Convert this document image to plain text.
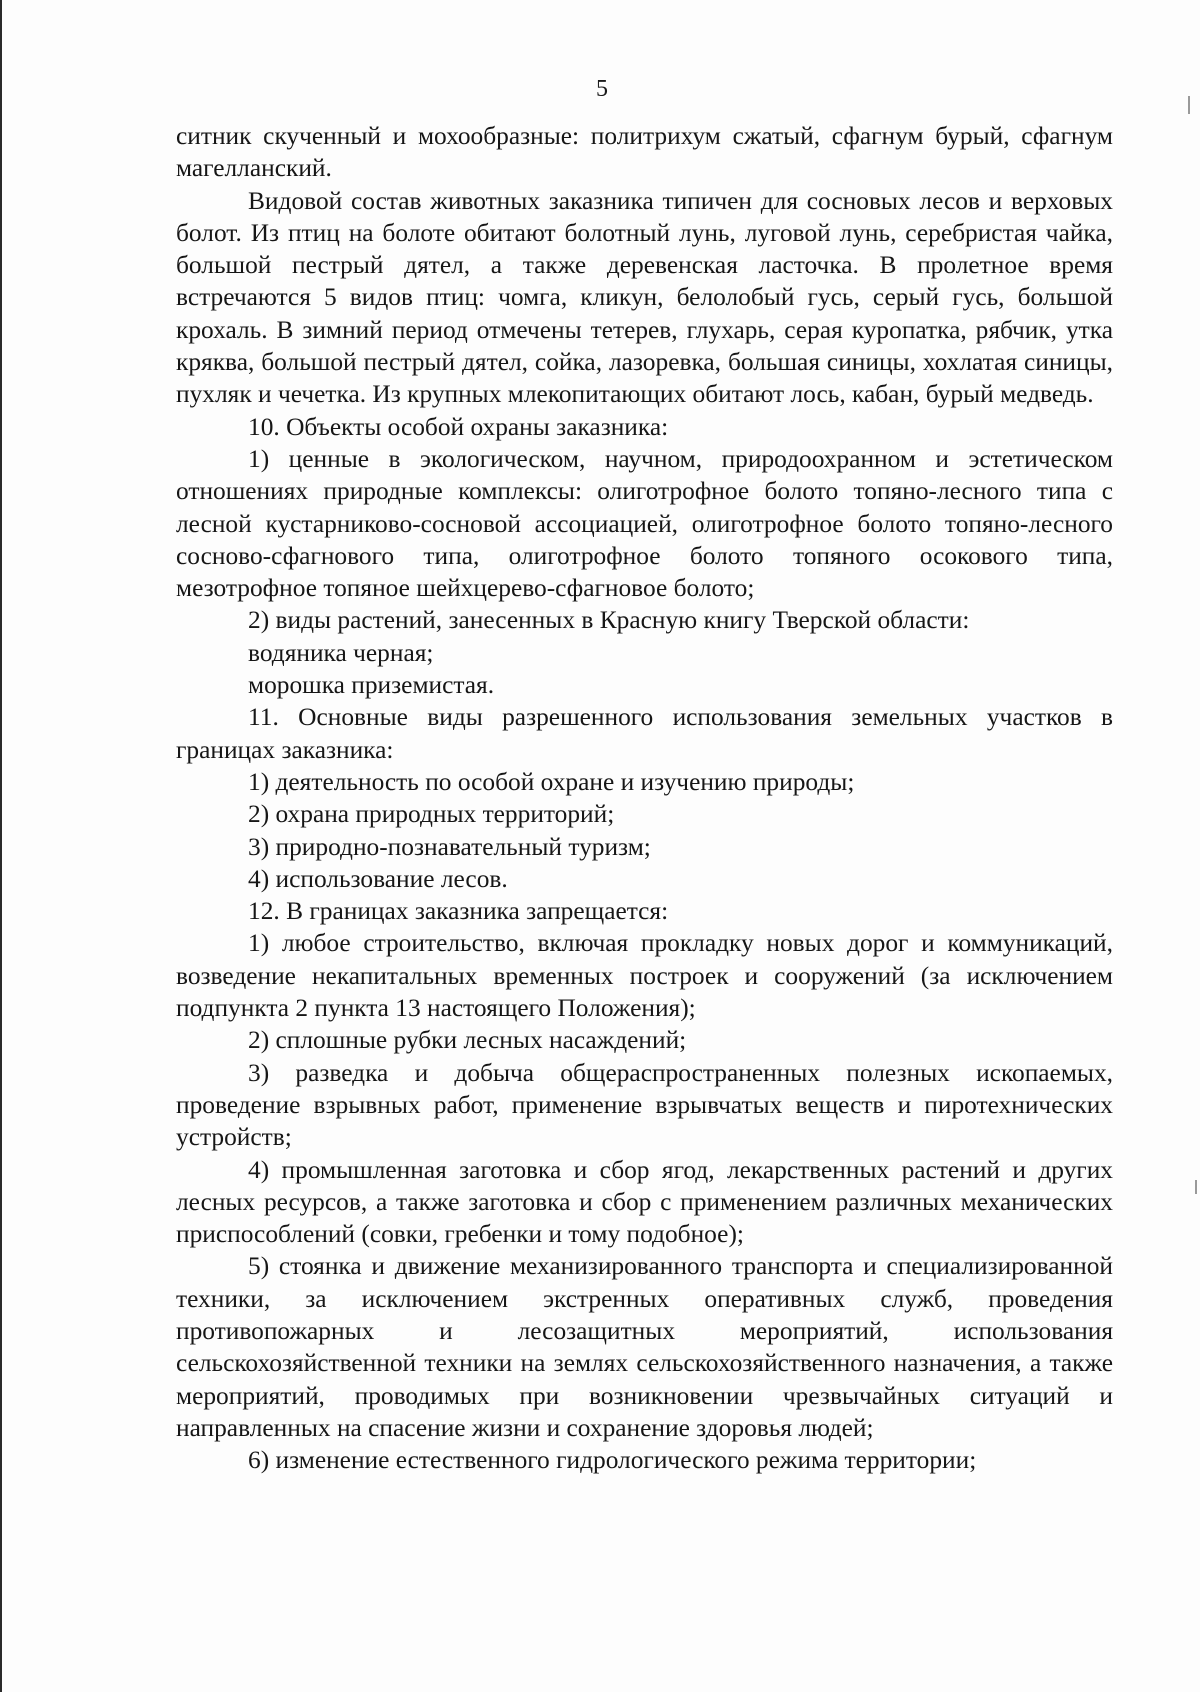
5

ситник скученный и мохообразные: политрихум сжатый, сфагнум бурый, сфагнум магелланский.

Видовой состав животных заказника типичен для сосновых лесов и верховых болот. Из птиц на болоте обитают болотный лунь, луговой лунь, серебристая чайка, большой пестрый дятел, а также деревенская ласточка. В пролетное время встречаются 5 видов птиц: чомга, кликун, белолобый гусь, серый гусь, большой крохаль. В зимний период отмечены тетерев, глухарь, серая куропатка, рябчик, утка кряква, большой пестрый дятел, сойка, лазоревка, большая синицы, хохлатая синицы, пухляк и чечетка. Из крупных млекопитающих обитают лось, кабан, бурый медведь.

10. Объекты особой охраны заказника:

1) ценные в экологическом, научном, природоохранном и эстетическом отношениях природные комплексы: олиготрофное болото топяно-лесного типа с лесной кустарниково-сосновой ассоциацией, олиготрофное болото топяно-лесного сосново-сфагнового типа, олиготрофное болото топяного осокового типа, мезотрофное топяное шейхцерево-сфагновое болото;

2) виды растений, занесенных в Красную книгу Тверской области:

водяника черная;

морошка приземистая.

11. Основные виды разрешенного использования земельных участков в границах заказника:

1) деятельность по особой охране и изучению природы;

2) охрана природных территорий;

3) природно-познавательный туризм;

4) использование лесов.

12. В границах заказника запрещается:

1) любое строительство, включая прокладку новых дорог и коммуникаций, возведение некапитальных временных построек и сооружений (за исключением подпункта 2 пункта 13 настоящего Положения);

2) сплошные рубки лесных насаждений;

3) разведка и добыча общераспространенных полезных ископаемых, проведение взрывных работ, применение взрывчатых веществ и пиротехнических устройств;

4) промышленная заготовка и сбор ягод, лекарственных растений и других лесных ресурсов, а также заготовка и сбор с применением различных механических приспособлений (совки, гребенки и тому подобное);

5) стоянка и движение механизированного транспорта и специализированной техники, за исключением экстренных оперативных служб, проведения противопожарных и лесозащитных мероприятий, использования сельскохозяйственной техники на землях сельскохозяйственного назначения, а также мероприятий, проводимых при возникновении чрезвычайных ситуаций и направленных на спасение жизни и сохранение здоровья людей;

6) изменение естественного гидрологического режима территории;
